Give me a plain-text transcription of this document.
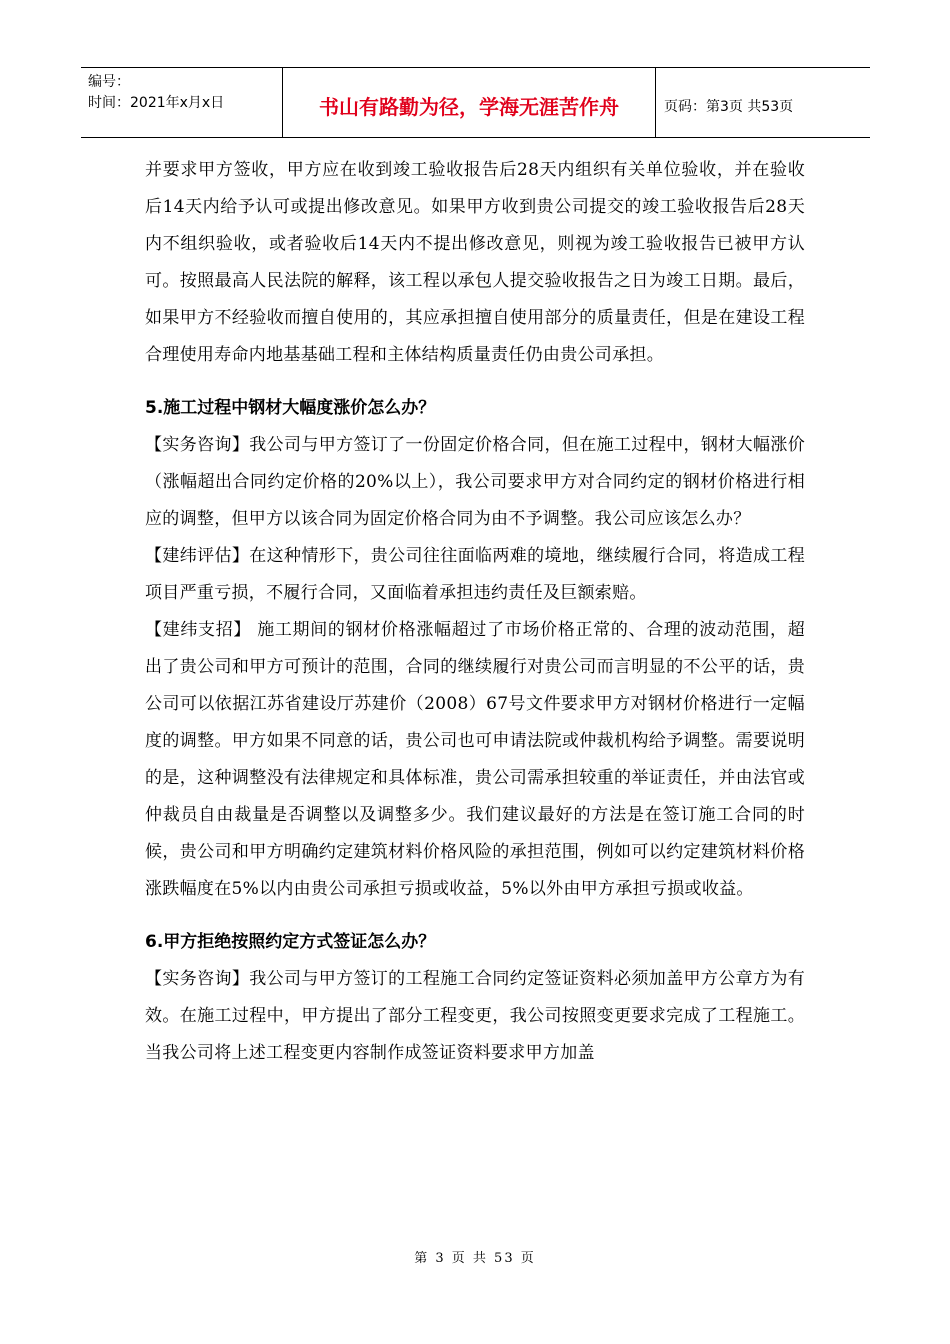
编号：
时间：2021年x月x日	书山有路勤为径，学海无涯苦作舟	页码：第3页 共53页

并要求甲方签收，甲方应在收到竣工验收报告后28天内组织有关单位验收，并在验收后14天内给予认可或提出修改意见。如果甲方收到贵公司提交的竣工验收报告后28天内不组织验收，或者验收后14天内不提出修改意见，则视为竣工验收报告已被甲方认可。按照最高人民法院的解释，该工程以承包人提交验收报告之日为竣工日期。最后，如果甲方不经验收而擅自使用的，其应承担擅自使用部分的质量责任，但是在建设工程合理使用寿命内地基基础工程和主体结构质量责任仍由贵公司承担。

5.施工过程中钢材大幅度涨价怎么办？

【实务咨询】我公司与甲方签订了一份固定价格合同，但在施工过程中，钢材大幅涨价（涨幅超出合同约定价格的20%以上），我公司要求甲方对合同约定的钢材价格进行相应的调整，但甲方以该合同为固定价格合同为由不予调整。我公司应该怎么办？

【建纬评估】在这种情形下，贵公司往往面临两难的境地，继续履行合同，将造成工程项目严重亏损，不履行合同，又面临着承担违约责任及巨额索赔。

【建纬支招】 施工期间的钢材价格涨幅超过了市场价格正常的、合理的波动范围，超出了贵公司和甲方可预计的范围，合同的继续履行对贵公司而言明显的不公平的话，贵公司可以依据江苏省建设厅苏建价（2008）67号文件要求甲方对钢材价格进行一定幅度的调整。甲方如果不同意的话，贵公司也可申请法院或仲裁机构给予调整。需要说明的是，这种调整没有法律规定和具体标准，贵公司需承担较重的举证责任，并由法官或仲裁员自由裁量是否调整以及调整多少。我们建议最好的方法是在签订施工合同的时候，贵公司和甲方明确约定建筑材料价格风险的承担范围，例如可以约定建筑材料价格涨跌幅度在5%以内由贵公司承担亏损或收益，5%以外由甲方承担亏损或收益。

6.甲方拒绝按照约定方式签证怎么办？

【实务咨询】我公司与甲方签订的工程施工合同约定签证资料必须加盖甲方公章方为有效。在施工过程中，甲方提出了部分工程变更，我公司按照变更要求完成了工程施工。当我公司将上述工程变更内容制作成签证资料要求甲方加盖

第 3 页 共 53 页
